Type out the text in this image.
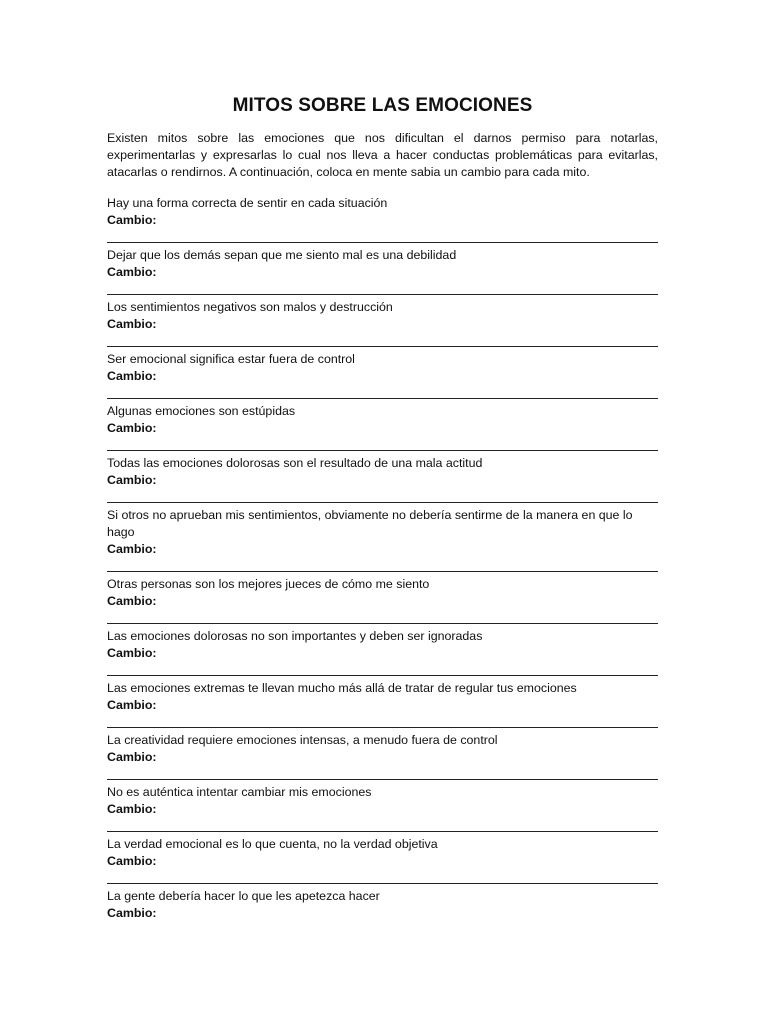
MITOS SOBRE LAS EMOCIONES

Existen mitos sobre las emociones que nos dificultan el darnos permiso para notarlas, experimentarlas y expresarlas lo cual nos lleva a hacer conductas problemáticas para evitarlas, atacarlas o rendirnos. A continuación, coloca en mente sabia un cambio para cada mito.

Hay una forma correcta de sentir en cada situación
Cambio:
Dejar que los demás sepan que me siento mal es una debilidad
Cambio:
Los sentimientos negativos son malos y destrucción
Cambio:
Ser emocional significa estar fuera de control
Cambio:
Algunas emociones son estúpidas
Cambio:
Todas las emociones dolorosas son el resultado de una mala actitud
Cambio:
Si otros no aprueban mis sentimientos, obviamente no debería sentirme de la manera en que lo hago
Cambio:
Otras personas son los mejores jueces de cómo me siento
Cambio:
Las emociones dolorosas no son importantes y deben ser ignoradas
Cambio:
Las emociones extremas te llevan mucho más allá de tratar de regular tus emociones
Cambio:
La creatividad requiere emociones intensas, a menudo fuera de control
Cambio:
No es auténtica intentar cambiar mis emociones
Cambio:
La verdad emocional es lo que cuenta, no la verdad objetiva
Cambio:
La gente debería hacer lo que les apetezca hacer
Cambio:
